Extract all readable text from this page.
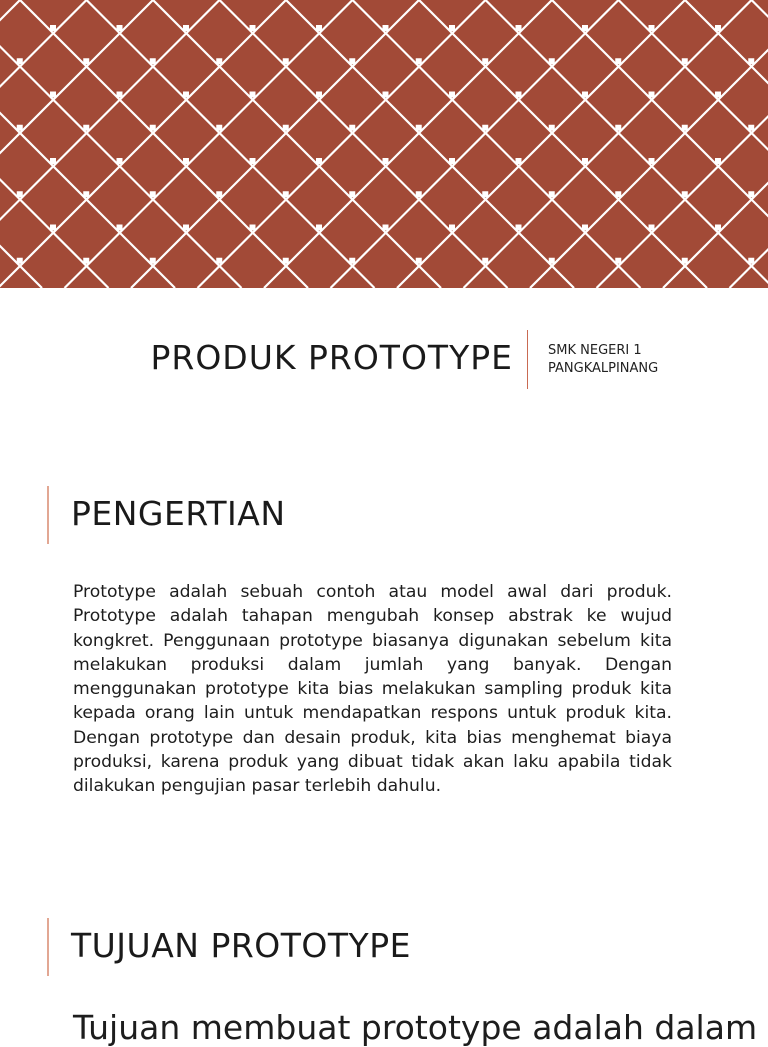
PRODUK PROTOTYPE	SMK NEGERI 1
PANGKALPINANG
PENGERTIAN

Prototype adalah sebuah contoh atau model awal dari produk. Prototype adalah tahapan mengubah konsep abstrak ke wujud kongkret. Penggunaan prototype biasanya digunakan sebelum kita melakukan produksi dalam jumlah yang banyak. Dengan menggunakan prototype kita bias melakukan sampling produk kita kepada orang lain untuk mendapatkan respons untuk produk kita. Dengan prototype dan desain produk, kita bias menghemat biaya produksi, karena produk yang dibuat tidak akan laku apabila tidak dilakukan pengujian pasar terlebih dahulu.

TUJUAN PROTOTYPE

Tujuan membuat prototype adalah dalam
